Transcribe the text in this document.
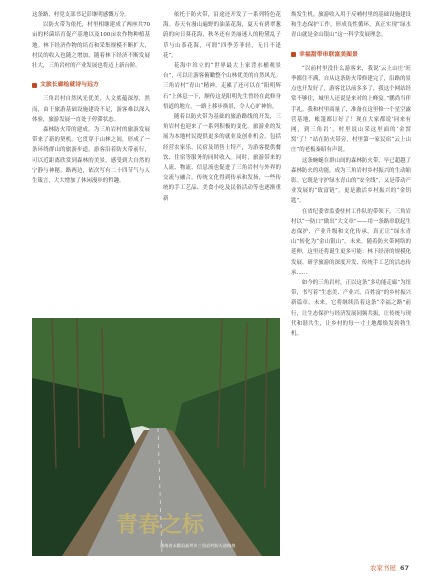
这条路，村党支部书记彭继明感慨万分。

以防火带为依托，村里相继建成了两座共70亩的杉菌培育促产基地以及100亩农作物种植基地。林下经济作物的培育和采集规模不断扩大，村民的收入也随之增加。随着林下经济不断发展壮大，三角岩村的产业发展也将迈上新台阶。

文旅长廊绘就诗与远方

三角岩村自然风光优美，人文底蕴深厚，然而，由于旅游基础设施建设不足，游客难以深入体验，旅游发展一直处于停滞状态。

森林防火带的建成，为三角岩村的旅游发展带来了新的契机。它贯穿于山林之间，形成了一条环绕群山的旅游步道。游客沿着防火带前行，可以近距离欣赏到森林的美景，感受到大自然的宁静与神秘。路两边，依次写有二十四节气与人生箴言，大大增加了休闲漫步的哲趣。

依托于防火带，沿途还开发了一系列特色花海。春天有漫山遍野的油菜花海，夏天有碧翠葱蔚的向日葵花海，秋冬还有美丽迷人的粉黛乱子草与山茶花海，可谓“四季芳菲轻，无日不逢花”。

花海中耸立的“世界最大上家背水桶观景台”，可以让游客俯瞰整个山林优美的自然风光。三角岩村“青山”精神，走累了还可以在“阳明辉石”上休息一下，顺传这是阳明先生曾经在此修身悟道的地方。一路上移步换景，令人心旷神怡。

随着以防火带为基础的旅游路线的开发，三角岩村也迎来了一系列积极的变化。旅游业的发展为本地村民提供更多的就业及创业机会，包括经营农家乐、民宿及销售土特产，为游客提供餐饮、住宿等服务的同时收入。同时，旅游带来的人流、物流、信息流也促进了三角岩村与外界的交流与融合。传统文化得到传承和发扬，一些传统的手工艺品、美食小吃及民俗活动等也逐渐重新

焕发生机。旅游收入用于反哺村里的基础设施建设和生态保护工作，形成良性循环，真正实现“绿水青山就是金山银山”这一科学发展理念。

幸福甜带串联富美图景

“以前村里没什么游客来，我说‘云上山庄’旺季都住不满，自从这条防火带修建完了，沿路的景点也开发好了，游客比以前多多了，我这个网站经常不够住，城里人还说是来对的上峰宴。”鹏尚当伴手礼。我和村里商量了，准备在这里修一个星空露营基地，帐篷都订好了！现在大家都说‘同来有网，到三角岩’，村里说山采这里面的‘金窝窝’了！”站在防火带旁，村里第一家民宿“云上山庄”的老板秦昭有声说。

这条蜿蜒在群山间的森林防火带，早已超越了森林防火的功能，成为三角岩村乡村振兴的生动缩影。它既是守护绿水青山的“安全线”，又是带动产业发展的“致富链”，更是激活乡村振兴的“金钥匙”。

在省纪委省监委驻村工作队的带领下，三角岩村以“一防口”做出“大文章”——用一条路串联起生态保护、产业升级和文化传承，真正让“绿水青山”转化为“金山银山”。未来，随着防火带网络的延伸，这里还将诞生更多可能：林下经济的规模化发展、研学旅游的深度开发、传统手工艺的活态传承……

如今的三角岩村，正以这条“多功能走廊”为纽带，书写着“生态美、产业兴、百姓富”的乡村振兴新篇章。未来，它将继续沿着这条“幸福之路”前行，让生态保护与经济发展同频共振，让传统与现代和谐共生，让乡村的每一寸土地都焕发勃勃生机。

青春之标
湖南省永顺县高坪乡三角岩村防火道路接
农家书屋 67
